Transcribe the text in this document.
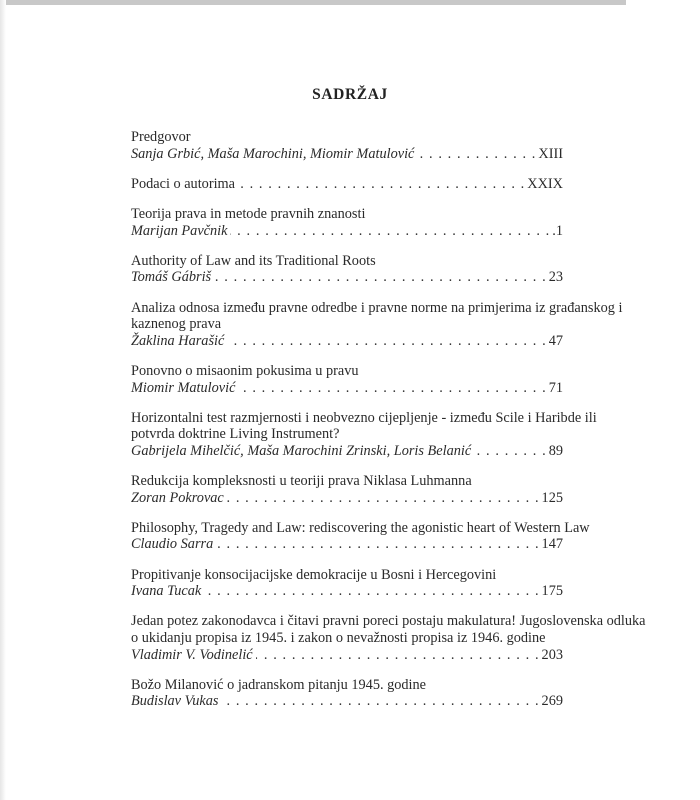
SADRŽAJ
Predgovor
Sanja Grbić, Maša Marochini, Miomir Matulović . . .	XIII
Podaci o autorima . . .	XXIX
Teorija prava in metode pravnih znanosti
Marijan Pavčnik . . .	.1
Authority of Law and its Traditional Roots
Tomáš Gábriš . . .	23
Analiza odnosa između pravne odredbe i pravne norme na primjerima iz građanskog i
kaznenog prava
Žaklina Harašić . . .	47
Ponovno o misaonim pokusima u pravu
Miomir Matulović . . .	71
Horizontalni test razmjernosti i neobvezno cijepljenje - između Scile i Haribde ili
potvrda doktrine Living Instrument?
Gabrijela Mihelčić, Maša Marochini Zrinski, Loris Belanić . . .	89
Redukcija kompleksnosti u teoriji prava Niklasa Luhmanna
Zoran Pokrovac . . .	125
Philosophy, Tragedy and Law: rediscovering the agonistic heart of Western Law
Claudio Sarra . . .	147
Propitivanje konsocijacijske demokracije u Bosni i Hercegovini
Ivana Tucak . . .	175
Jedan potez zakonodavca i čitavi pravni poreci postaju makulatura! Jugoslovenska odluka
o ukidanju propisa iz 1945. i zakon o nevažnosti propisa iz 1946. godine
Vladimir V. Vodinelić . . .	203
Božo Milanović o jadranskom pitanju 1945. godine
Budislav Vukas . . .	269
